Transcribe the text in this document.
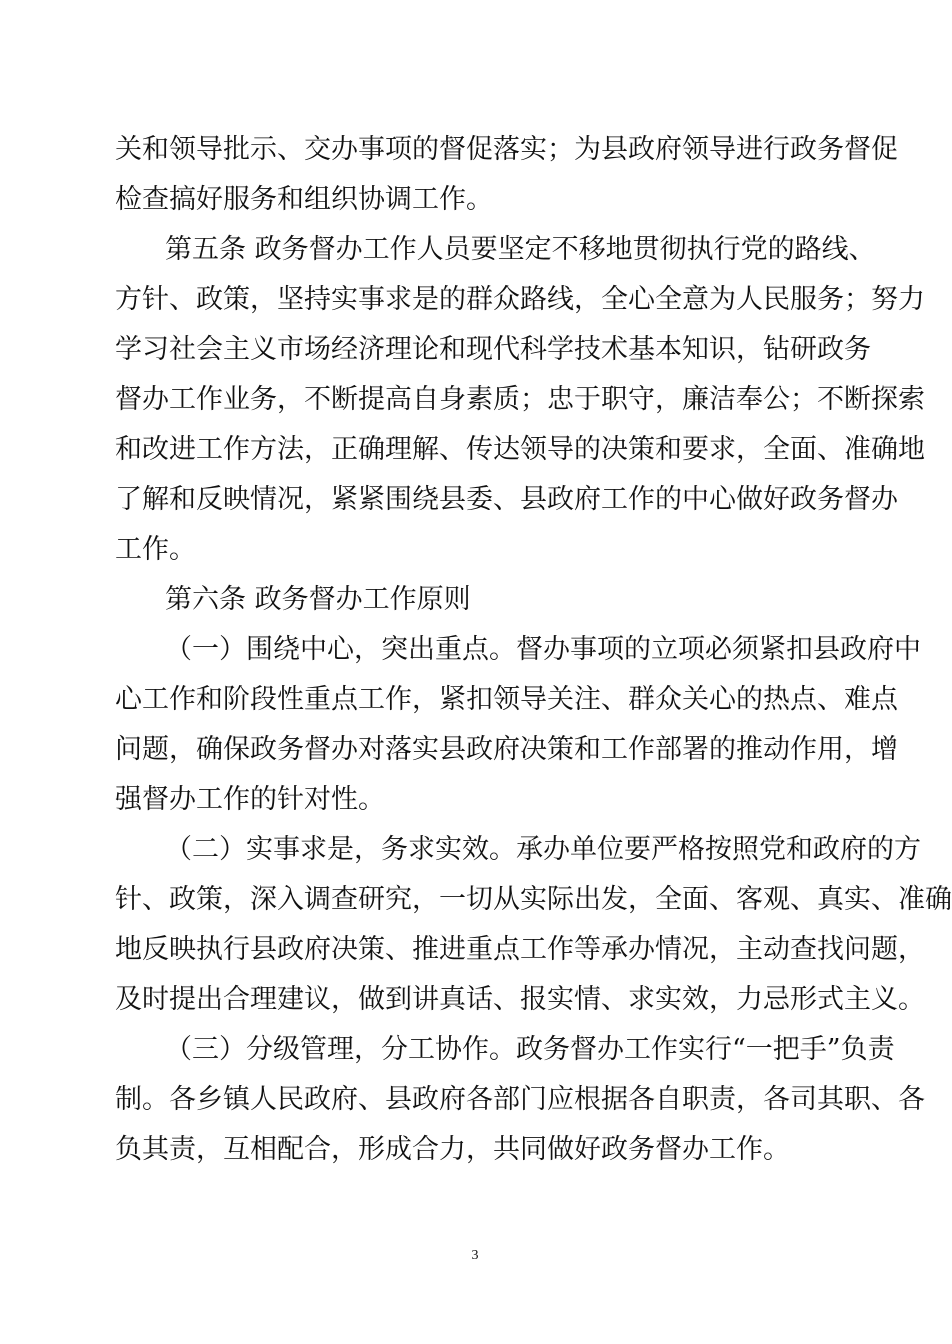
关和领导批示、交办事项的督促落实；为县政府领导进行政务督促
检查搞好服务和组织协调工作。
第五条 政务督办工作人员要坚定不移地贯彻执行党的路线、
方针、政策，坚持实事求是的群众路线，全心全意为人民服务；努力
学习社会主义市场经济理论和现代科学技术基本知识，钻研政务
督办工作业务，不断提高自身素质；忠于职守，廉洁奉公；不断探索
和改进工作方法，正确理解、传达领导的决策和要求，全面、准确地
了解和反映情况，紧紧围绕县委、县政府工作的中心做好政务督办
工作。
第六条 政务督办工作原则
（一）围绕中心，突出重点。督办事项的立项必须紧扣县政府中
心工作和阶段性重点工作，紧扣领导关注、群众关心的热点、难点
问题，确保政务督办对落实县政府决策和工作部署的推动作用，增
强督办工作的针对性。
（二）实事求是，务求实效。承办单位要严格按照党和政府的方
针、政策，深入调查研究，一切从实际出发，全面、客观、真实、准确
地反映执行县政府决策、推进重点工作等承办情况，主动查找问题，
及时提出合理建议，做到讲真话、报实情、求实效，力忌形式主义。
（三）分级管理，分工协作。政务督办工作实行“一把手”负责
制。各乡镇人民政府、县政府各部门应根据各自职责，各司其职、各
负其责，互相配合，形成合力，共同做好政务督办工作。
3
